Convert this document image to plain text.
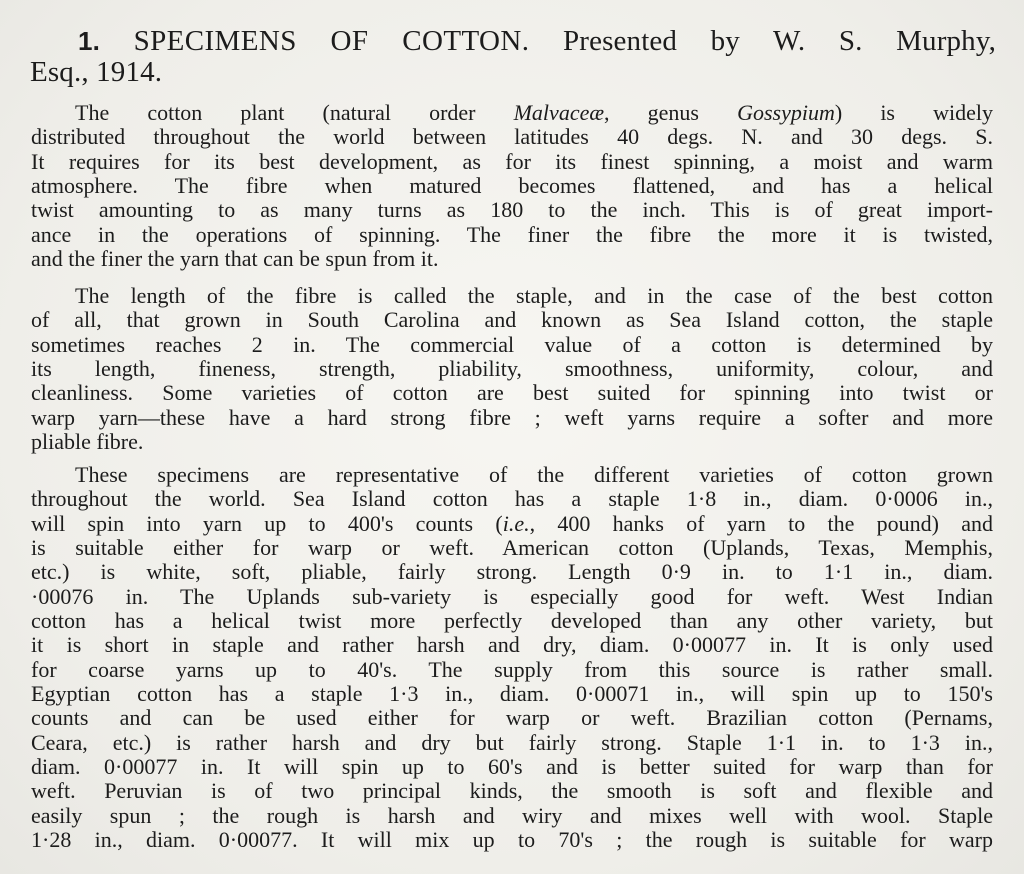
1. SPECIMENS OF COTTON. Presented by W. S. Murphy,
Esq., 1914.
The cotton plant (natural order Malvaceæ, genus Gossypium) is widely
distributed throughout the world between latitudes 40 degs. N. and 30 degs. S.
It requires for its best development, as for its finest spinning, a moist and warm
atmosphere. The fibre when matured becomes flattened, and has a helical
twist amounting to as many turns as 180 to the inch. This is of great import-
ance in the operations of spinning. The finer the fibre the more it is twisted,
and the finer the yarn that can be spun from it.
The length of the fibre is called the staple, and in the case of the best cotton
of all, that grown in South Carolina and known as Sea Island cotton, the staple
sometimes reaches 2 in. The commercial value of a cotton is determined by
its length, fineness, strength, pliability, smoothness, uniformity, colour, and
cleanliness. Some varieties of cotton are best suited for spinning into twist or
warp yarn—these have a hard strong fibre ; weft yarns require a softer and more
pliable fibre.
These specimens are representative of the different varieties of cotton grown
throughout the world. Sea Island cotton has a staple 1·8 in., diam. 0·0006 in.,
will spin into yarn up to 400's counts (i.e., 400 hanks of yarn to the pound) and
is suitable either for warp or weft. American cotton (Uplands, Texas, Memphis,
etc.) is white, soft, pliable, fairly strong. Length 0·9 in. to 1·1 in., diam.
·00076 in. The Uplands sub-variety is especially good for weft. West Indian
cotton has a helical twist more perfectly developed than any other variety, but
it is short in staple and rather harsh and dry, diam. 0·00077 in. It is only used
for coarse yarns up to 40's. The supply from this source is rather small.
Egyptian cotton has a staple 1·3 in., diam. 0·00071 in., will spin up to 150's
counts and can be used either for warp or weft. Brazilian cotton (Pernams,
Ceara, etc.) is rather harsh and dry but fairly strong. Staple 1·1 in. to 1·3 in.,
diam. 0·00077 in. It will spin up to 60's and is better suited for warp than for
weft. Peruvian is of two principal kinds, the smooth is soft and flexible and
easily spun ; the rough is harsh and wiry and mixes well with wool. Staple
1·28 in., diam. 0·00077. It will mix up to 70's ; the rough is suitable for warp
